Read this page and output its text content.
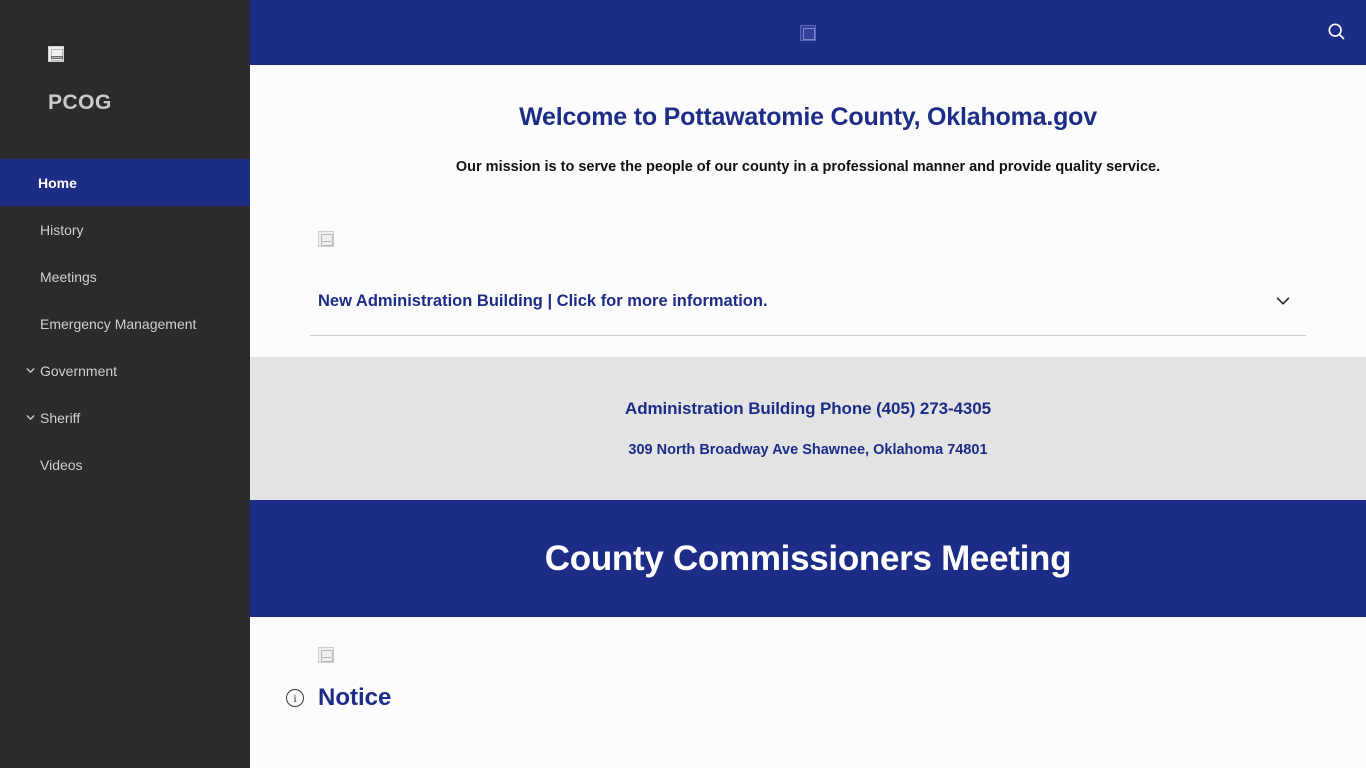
PCOG
Home
History
Meetings
Emergency Management
Government
Sheriff
Videos
Welcome to Pottawatomie County, Oklahoma.gov

Our mission is to serve the people of our county in a professional manner and provide quality service.

New Administration Building | Click for more information.
Administration Building Phone (405) 273-4305
309 North Broadway Ave Shawnee, Oklahoma 74801
County Commissioners Meeting
i Notice
